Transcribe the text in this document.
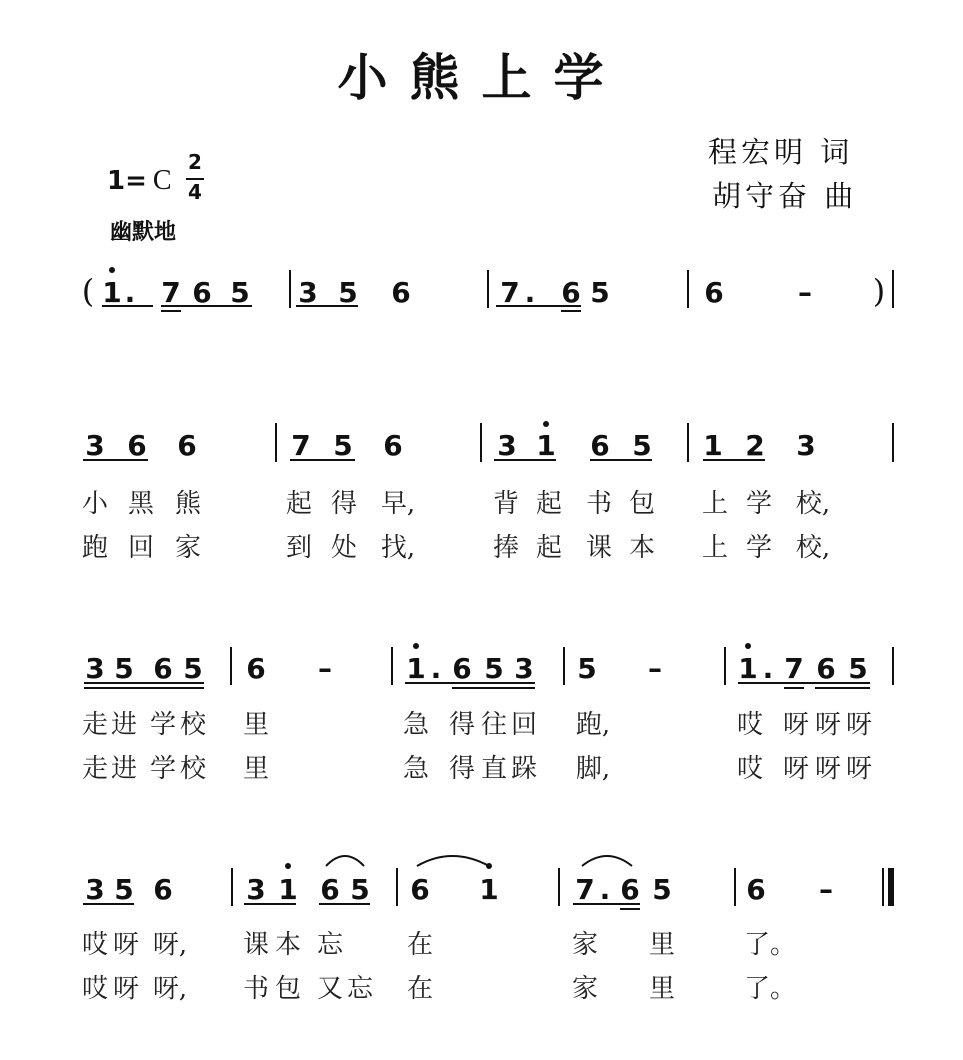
小熊上学
程宏明 词
胡守奋 曲
1= C
2
4
幽默地
( 1 . 7 6 5 3 5 6	7 . 6 5	6	– )
3 6 6	7 5 6	3 1 6 5 1 2 3
3 5 6 5 6 –	1 . 6 5 3 5 –	1 . 7 6 5
3 5 6	3 1 6 5 6 1	7 . 6 5	6 –
小 黑 熊	起 得 早,	背 起 书 包 上 学 校,
跑 回 家	到 处 找,	捧 起 课 本 上 学 校,
走 进 学 校 里	急 得 往 回 跑,	哎 呀 呀 呀
走 进 学 校 里	急 得 直 跺 脚,	哎 呀 呀 呀
哎 呀 呀, 课 本 忘 在	家 里	了。
哎 呀 呀, 书 包 又 忘 在	家 里	了。
